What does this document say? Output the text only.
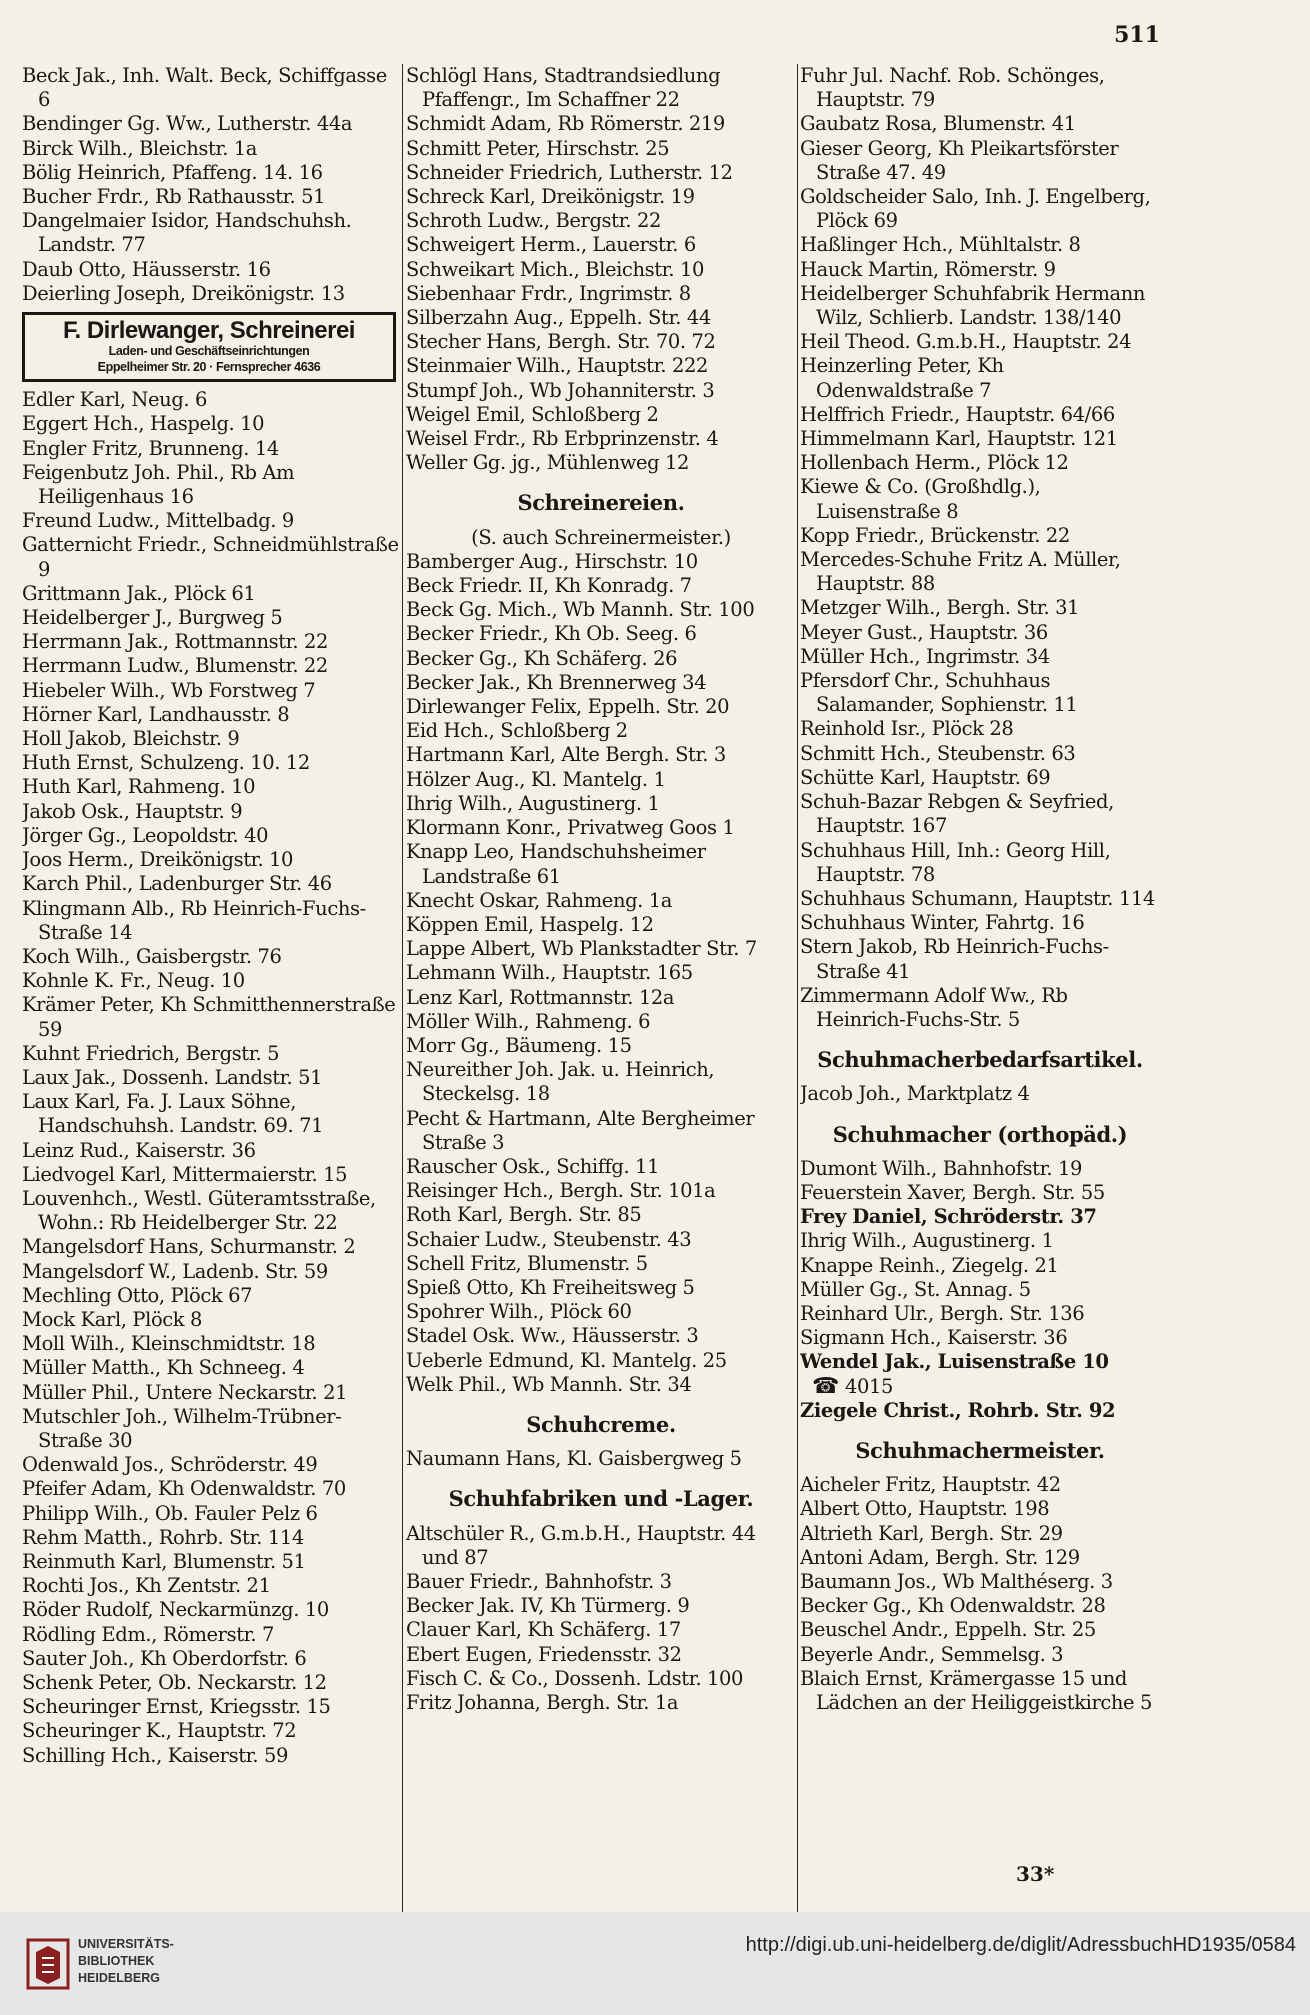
511
Beck Jak., Inh. Walt. Beck, Schiffgasse 6
Bendinger Gg. Ww., Lutherstr. 44a
Birck Wilh., Bleichstr. 1a
Bölig Heinrich, Pfaffeng. 14. 16
Bucher Frdr., Rb Rathausstr. 51
Dangelmaier Isidor, Handschuhsh. Landstr. 77
Daub Otto, Häusserstr. 16
Deierling Joseph, Dreikönigstr. 13
F. Dirlewanger, Schreinerei
Laden- und Geschäftseinrichtungen
Eppelheimer Str. 20 · Fernsprecher 4636
Edler Karl, Neug. 6
Eggert Hch., Haspelg. 10
Engler Fritz, Brunneng. 14
Feigenbutz Joh. Phil., Rb Am Heiligenhaus 16
Freund Ludw., Mittelbadg. 9
Gatternicht Friedr., Schneidmühlstraße 9
Grittmann Jak., Plöck 61
Heidelberger J., Burgweg 5
Herrmann Jak., Rottmannstr. 22
Herrmann Ludw., Blumenstr. 22
Hiebeler Wilh., Wb Forstweg 7
Hörner Karl, Landhausstr. 8
Holl Jakob, Bleichstr. 9
Huth Ernst, Schulzeng. 10. 12
Huth Karl, Rahmeng. 10
Jakob Osk., Hauptstr. 9
Jörger Gg., Leopoldstr. 40
Joos Herm., Dreikönigstr. 10
Karch Phil., Ladenburger Str. 46
Klingmann Alb., Rb Heinrich-Fuchs-Straße 14
Koch Wilh., Gaisbergstr. 76
Kohnle K. Fr., Neug. 10
Krämer Peter, Kh Schmitthennerstraße 59
Kuhnt Friedrich, Bergstr. 5
Laux Jak., Dossenh. Landstr. 51
Laux Karl, Fa. J. Laux Söhne, Handschuhsh. Landstr. 69. 71
Leinz Rud., Kaiserstr. 36
Liedvogel Karl, Mittermaierstr. 15
Louvenhch., Westl. Güteramtsstraße, Wohn.: Rb Heidelberger Str. 22
Mangelsdorf Hans, Schurmanstr. 2
Mangelsdorf W., Ladenb. Str. 59
Mechling Otto, Plöck 67
Mock Karl, Plöck 8
Moll Wilh., Kleinschmidtstr. 18
Müller Matth., Kh Schneeg. 4
Müller Phil., Untere Neckarstr. 21
Mutschler Joh., Wilhelm-Trübner-Straße 30
Odenwald Jos., Schröderstr. 49
Pfeifer Adam, Kh Odenwaldstr. 70
Philipp Wilh., Ob. Fauler Pelz 6
Rehm Matth., Rohrb. Str. 114
Reinmuth Karl, Blumenstr. 51
Rochti Jos., Kh Zentstr. 21
Röder Rudolf, Neckarmünzg. 10
Rödling Edm., Römerstr. 7
Sauter Joh., Kh Oberdorfstr. 6
Schenk Peter, Ob. Neckarstr. 12
Scheuringer Ernst, Kriegsstr. 15
Scheuringer K., Hauptstr. 72
Schilling Hch., Kaiserstr. 59
Schlögl Hans, Stadtrandsiedlung Pfaffengr., Im Schaffner 22
Schmidt Adam, Rb Römerstr. 219
Schmitt Peter, Hirschstr. 25
Schneider Friedrich, Lutherstr. 12
Schreck Karl, Dreikönigstr. 19
Schroth Ludw., Bergstr. 22
Schweigert Herm., Lauerstr. 6
Schweikart Mich., Bleichstr. 10
Siebenhaar Frdr., Ingrimstr. 8
Silberzahn Aug., Eppelh. Str. 44
Stecher Hans, Bergh. Str. 70. 72
Steinmaier Wilh., Hauptstr. 222
Stumpf Joh., Wb Johanniterstr. 3
Weigel Emil, Schloßberg 2
Weisel Frdr., Rb Erbprinzenstr. 4
Weller Gg. jg., Mühlenweg 12
Schreinereien.
(S. auch Schreinermeister.)
Bamberger Aug., Hirschstr. 10
Beck Friedr. II, Kh Konradg. 7
Beck Gg. Mich., Wb Mannh. Str. 100
Becker Friedr., Kh Ob. Seeg. 6
Becker Gg., Kh Schäferg. 26
Becker Jak., Kh Brennerweg 34
Dirlewanger Felix, Eppelh. Str. 20
Eid Hch., Schloßberg 2
Hartmann Karl, Alte Bergh. Str. 3
Hölzer Aug., Kl. Mantelg. 1
Ihrig Wilh., Augustinerg. 1
Klormann Konr., Privatweg Goos 1
Knapp Leo, Handschuhsheimer Landstraße 61
Knecht Oskar, Rahmeng. 1a
Köppen Emil, Haspelg. 12
Lappe Albert, Wb Plankstadter Str. 7
Lehmann Wilh., Hauptstr. 165
Lenz Karl, Rottmannstr. 12a
Möller Wilh., Rahmeng. 6
Morr Gg., Bäumeng. 15
Neureither Joh. Jak. u. Heinrich, Steckelsg. 18
Pecht & Hartmann, Alte Bergheimer Straße 3
Rauscher Osk., Schiffg. 11
Reisinger Hch., Bergh. Str. 101a
Roth Karl, Bergh. Str. 85
Schaier Ludw., Steubenstr. 43
Schell Fritz, Blumenstr. 5
Spieß Otto, Kh Freiheitsweg 5
Spohrer Wilh., Plöck 60
Stadel Osk. Ww., Häusserstr. 3
Ueberle Edmund, Kl. Mantelg. 25
Welk Phil., Wb Mannh. Str. 34
Schuhcreme.
Naumann Hans, Kl. Gaisbergweg 5
Schuhfabriken und -Lager.
Altschüler R., G.m.b.H., Hauptstr. 44 und 87
Bauer Friedr., Bahnhofstr. 3
Becker Jak. IV, Kh Türmerg. 9
Clauer Karl, Kh Schäferg. 17
Ebert Eugen, Friedensstr. 32
Fisch C. & Co., Dossenh. Ldstr. 100
Fritz Johanna, Bergh. Str. 1a
Fuhr Jul. Nachf. Rob. Schönges, Hauptstr. 79
Gaubatz Rosa, Blumenstr. 41
Gieser Georg, Kh Pleikartsförster Straße 47. 49
Goldscheider Salo, Inh. J. Engelberg, Plöck 69
Haßlinger Hch., Mühltalstr. 8
Hauck Martin, Römerstr. 9
Heidelberger Schuhfabrik Hermann Wilz, Schlierb. Landstr. 138/140
Heil Theod. G.m.b.H., Hauptstr. 24
Heinzerling Peter, Kh Odenwaldstraße 7
Helffrich Friedr., Hauptstr. 64/66
Himmelmann Karl, Hauptstr. 121
Hollenbach Herm., Plöck 12
Kiewe & Co. (Großhdlg.), Luisenstraße 8
Kopp Friedr., Brückenstr. 22
Mercedes-Schuhe Fritz A. Müller, Hauptstr. 88
Metzger Wilh., Bergh. Str. 31
Meyer Gust., Hauptstr. 36
Müller Hch., Ingrimstr. 34
Pfersdorf Chr., Schuhhaus Salamander, Sophienstr. 11
Reinhold Isr., Plöck 28
Schmitt Hch., Steubenstr. 63
Schütte Karl, Hauptstr. 69
Schuh-Bazar Rebgen & Seyfried, Hauptstr. 167
Schuhhaus Hill, Inh.: Georg Hill, Hauptstr. 78
Schuhhaus Schumann, Hauptstr. 114
Schuhhaus Winter, Fahrtg. 16
Stern Jakob, Rb Heinrich-Fuchs-Straße 41
Zimmermann Adolf Ww., Rb Heinrich-Fuchs-Str. 5
Schuhmacherbedarfsartikel.
Jacob Joh., Marktplatz 4
Schuhmacher (orthopäd.)
Dumont Wilh., Bahnhofstr. 19
Feuerstein Xaver, Bergh. Str. 55
Frey Daniel, Schröderstr. 37
Ihrig Wilh., Augustinerg. 1
Knappe Reinh., Ziegelg. 21
Müller Gg., St. Annag. 5
Reinhard Ulr., Bergh. Str. 136
Sigmann Hch., Kaiserstr. 36
Wendel Jak., Luisenstraße 10
☎ 4015
Ziegele Christ., Rohrb. Str. 92
Schuhmachermeister.
Aicheler Fritz, Hauptstr. 42
Albert Otto, Hauptstr. 198
Altrieth Karl, Bergh. Str. 29
Antoni Adam, Bergh. Str. 129
Baumann Jos., Wb Malthéserg. 3
Becker Gg., Kh Odenwaldstr. 28
Beuschel Andr., Eppelh. Str. 25
Beyerle Andr., Semmelsg. 3
Blaich Ernst, Krämergasse 15 und Lädchen an der Heiliggeistkirche 5
33*
UNIVERSITÄTS-
BIBLIOTHEK
HEIDELBERG
http://digi.ub.uni-heidelberg.de/diglit/AdressbuchHD1935/0584
